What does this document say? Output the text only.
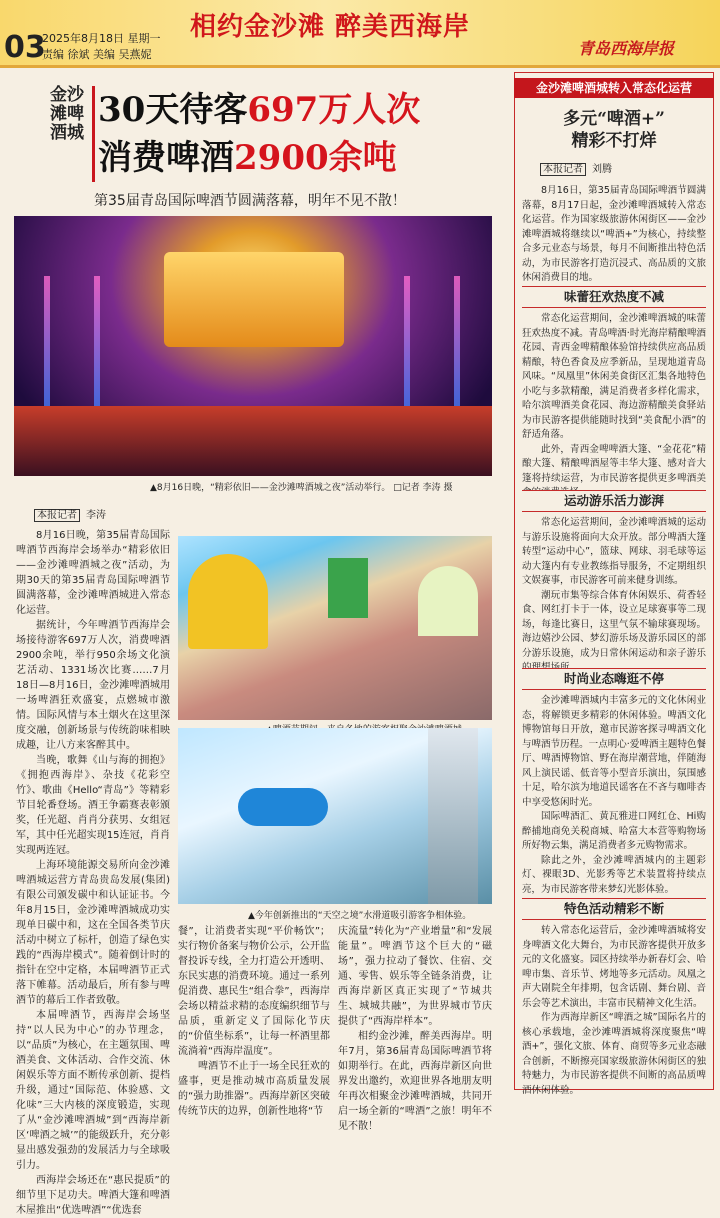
03
2025年8月18日 星期一
责编 徐斌 美编 吴燕妮
相约金沙滩 醉美西海岸
青岛西海岸报
金沙滩啤酒城
30天待客697万人次
消费啤酒2900余吨
第35届青岛国际啤酒节圆满落幕，明年不见不散！
▲8月16日晚，“精彩依旧——金沙滩啤酒城之夜”活动举行。 □记者 李涛 摄
▲今年创新推出的“天空之境”水滑道吸引游客争相体验。
本报记者 李涛

8月16日晚，第35届青岛国际啤酒节西海岸会场举办“精彩依旧——金沙滩啤酒城之夜”活动，为期30天的第35届青岛国际啤酒节圆满落幕，金沙滩啤酒城进入常态化运营。

据统计，今年啤酒节西海岸会场接待游客697万人次，消费啤酒2900余吨，举行950余场文化演艺活动、1331场次比赛……7月18日—8月16日，金沙滩啤酒城用一场啤酒狂欢盛宴，点燃城市激情。国际风情与本土烟火在这里深度交融，创新场景与传统韵味相映成趣，让八方来客醉其中。

当晚，歌舞《山与海的拥抱》《拥抱西海岸》、杂技《花彩空竹》、歌曲《Hello“青岛”》等精彩节目轮番登场。酒王争霸赛表彰颁奖，任光超、肖肖分获男、女组冠军，其中任光超实现15连冠，肖肖实现两连冠。

上海环境能源交易所向金沙滩啤酒城运营方青岛贵岛发展(集团)有限公司颁发碳中和认证证书。今年8月15日，金沙滩啤酒城成功实现单日碳中和，这在全国各类节庆活动中树立了标杆，创造了绿色实践的“西海岸模式”。随着倒计时的指针在空中定格，本届啤酒节正式落下帷幕。活动最后，所有参与啤酒节的幕后工作者致敬。

本届啤酒节，西海岸会场坚持“以人民为中心”的办节理念，以“品质”为核心，在主题氛围、啤酒美食、文体活动、合作交流、休闲娱乐等方面不断传承创新、提档升级，通过“国际范、体验感、文化味”三大内核的深度锻造，实现了从“金沙滩啤酒城”到“西海岸新区‘啤酒之城’”的能级跃升，充分彰显出感发强劲的发展活力与全球吸引力。

西海岸会场还在“惠民提质”的细节里下足功夫。啤酒大篷和啤酒木屋推出“优选啤酒”“优选套

餐”，让消费者实现“平价畅饮”；实行物价备案与物价公示，公开监督投诉专线，全力打造公开透明、东民实惠的消费环境。通过一系列促消费、惠民生“组合拳”，西海岸会场以精益求精的态度编织细节与品质，重新定义了国际化节庆的“价值坐标系”，让每一杯酒里都流淌着“西海岸温度”。

啤酒节不止于一场全民狂欢的盛事，更是推动城市高质量发展的“强力助推器”。西海岸新区突破传统节庆的边界，创新性地将“节

庆流量”转化为“产业增量”和“发展能量”。啤酒节这个巨大的“磁场”，强力拉动了餐饮、住宿、交通、零售、娱乐等全链条消费，让西海岸新区真正实现了“节城共生、城城共融”，为世界城市节庆提供了“西海岸样本”。

相约金沙滩，醉美西海岸。明年7月，第36届青岛国际啤酒节将如期举行。在此，西海岸新区向世界发出邀约，欢迎世界各地朋友明年再次相聚金沙滩啤酒城，共同开启一场全新的“啤酒”之旅！明年不见不散！

金沙滩啤酒城转入常态化运营
多元“啤酒+”
精彩不打烊
本报记者 刘腾

8月16日，第35届青岛国际啤酒节圆满落幕，8月17日起，金沙滩啤酒城转入常态化运营。作为国家级旅游休闲街区——金沙滩啤酒城将继续以“啤酒+”为核心，持续整合多元业态与场景，每月不间断推出特色活动，为市民游客打造沉浸式、高品质的文旅休闲消费目的地。

味蕾狂欢热度不减

常态化运营期间，金沙滩啤酒城的味蕾狂欢热度不减。青岛啤酒·时光海岸精酿啤酒花园、青西金啤精酿体验馆持续供应高品质精酿，特色香食及应季新品，呈现地道青岛风味。“凤凰里”休闲美食街区汇集各地特色小吃与多款精酿，满足消费者多样化需求，哈尔滨啤酒美食花园、海边游精酿美食驿站为市民游客提供能随时找到“美食配小酒”的舒适角落。

此外，青西金啤啤酒大篷、“金花花”精酿大篷、精酿啤酒屋等丰华大篷、感对音大篷将持续运营，为市民游客提供更多啤酒美

运动游乐活力澎湃

常态化运营期间，金沙滩啤酒城的运动与游乐设施将面向大众开放。部分啤酒大篷转型“运动中心”，篮球、网球、羽毛球等运动大篷内有专业教练指导服务，不定期组织文娱赛事，市民游客可前来健身训练。

潮玩市集等综合体育休闲娱乐、荷香轻食、网红打卡于一体，设立足球赛事等二现场，每逢比赛日，这里气氛不输球赛现场。海边嬉沙公园、梦幻游乐场及游乐园区的部分游乐设施，成为日常休闲运动和亲子游乐

时尚业态嗨逛不停

金沙滩啤酒城内丰富多元的文化休闲业态，将解锁更多精彩的休闲体验。啤酒文化博物馆每日开放，邀市民游客探寻啤酒文化与啤酒节历程。一点明心·爱啤酒主题特色餐厅、啤酒博物馆、野在海岸潮营地，伴随海风上演民谣、低音等小型音乐演出，氛围感十足，哈尔滨为地道民谣客在不吝与咖啡杏中享受悠闲时光。

国际啤酒汇、黄瓦雅进口网红仓、Hi购醉捕地商免关税商城、哈富大本营等购物场所好物云集，满足消费者多元购物需求。

除此之外，金沙滩啤酒城内的主题彩灯、裸眼3D、光影秀等艺术装置将持续点亮，为市民游客带来梦幻光影体验。

特色活动精彩不断

转入常态化运营后，金沙滩啤酒城将安身啤酒文化大舞台，为市民游客提供开放多元的文化盛宴。园区持续举办新春灯会、哈啤市集、音乐节、烤地等多元活动。凤凰之声大剧院全年排期，包含话剧、舞台剧、音乐会等艺术演出，丰富市民精神文化生活。

作为西海岸新区“啤酒之城”国际名片的核心承载地，金沙滩啤酒城将深度聚焦“啤酒+”，强化文旅、体育、商贸等多元业态融合创新，不断擦亮国家级旅游休闲街区的独特魅力，为市民游客提供不间断的高品质啤酒休闲体验。
